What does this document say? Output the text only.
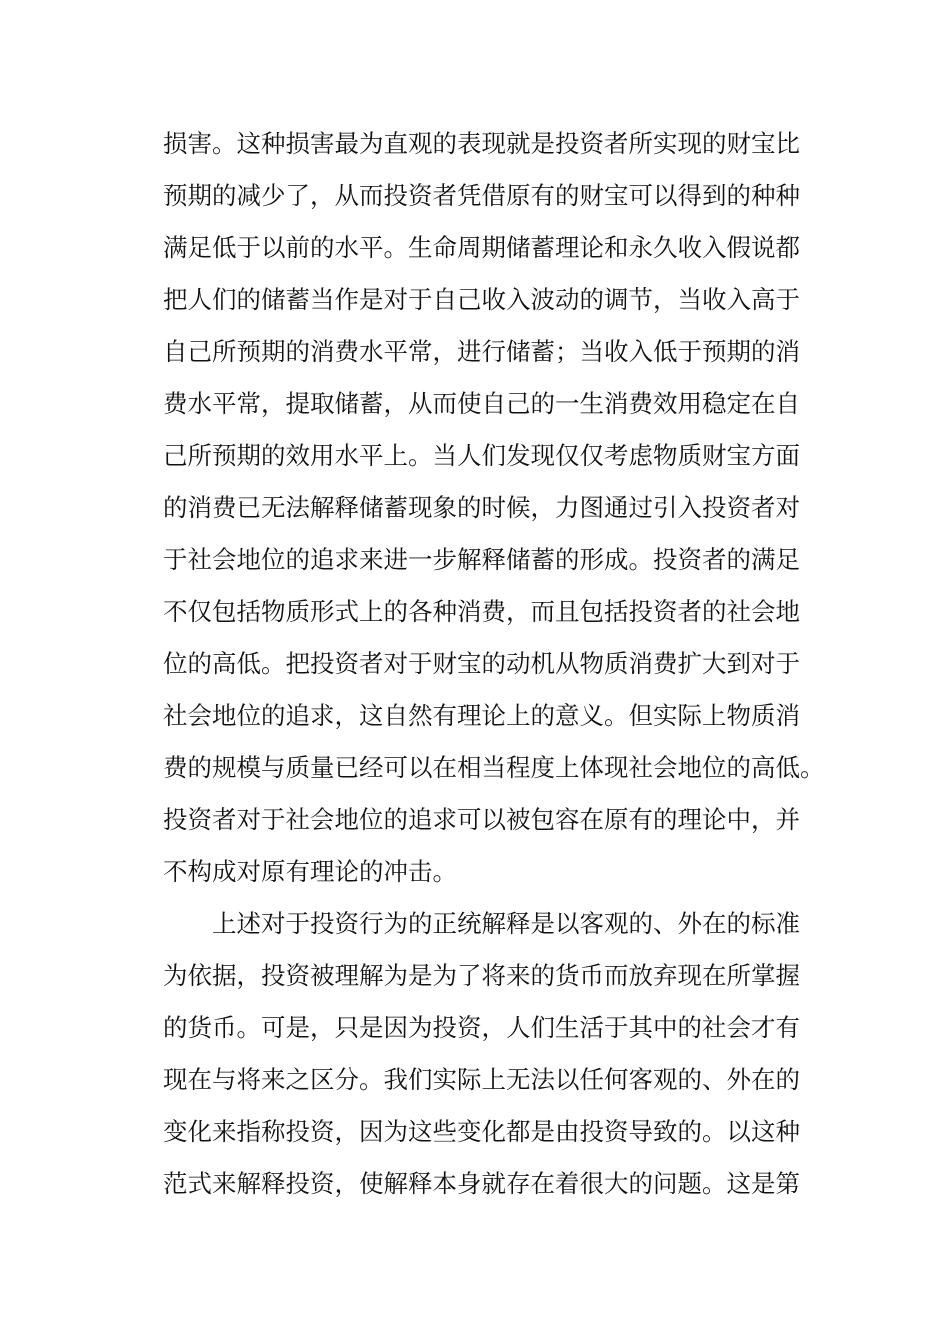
损害。这种损害最为直观的表现就是投资者所实现的财宝比
预期的减少了，从而投资者凭借原有的财宝可以得到的种种
满足低于以前的水平。生命周期储蓄理论和永久收入假说都
把人们的储蓄当作是对于自己收入波动的调节，当收入高于
自己所预期的消费水平常，进行储蓄；当收入低于预期的消
费水平常，提取储蓄，从而使自己的一生消费效用稳定在自
己所预期的效用水平上。当人们发现仅仅考虑物质财宝方面
的消费已无法解释储蓄现象的时候，力图通过引入投资者对
于社会地位的追求来进一步解释储蓄的形成。投资者的满足
不仅包括物质形式上的各种消费，而且包括投资者的社会地
位的高低。把投资者对于财宝的动机从物质消费扩大到对于
社会地位的追求，这自然有理论上的意义。但实际上物质消
费的规模与质量已经可以在相当程度上体现社会地位的高低。
投资者对于社会地位的追求可以被包容在原有的理论中，并
不构成对原有理论的冲击。
上述对于投资行为的正统解释是以客观的、外在的标准
为依据，投资被理解为是为了将来的货币而放弃现在所掌握
的货币。可是，只是因为投资，人们生活于其中的社会才有
现在与将来之区分。我们实际上无法以任何客观的、外在的
变化来指称投资，因为这些变化都是由投资导致的。以这种
范式来解释投资，使解释本身就存在着很大的问题。这是第
